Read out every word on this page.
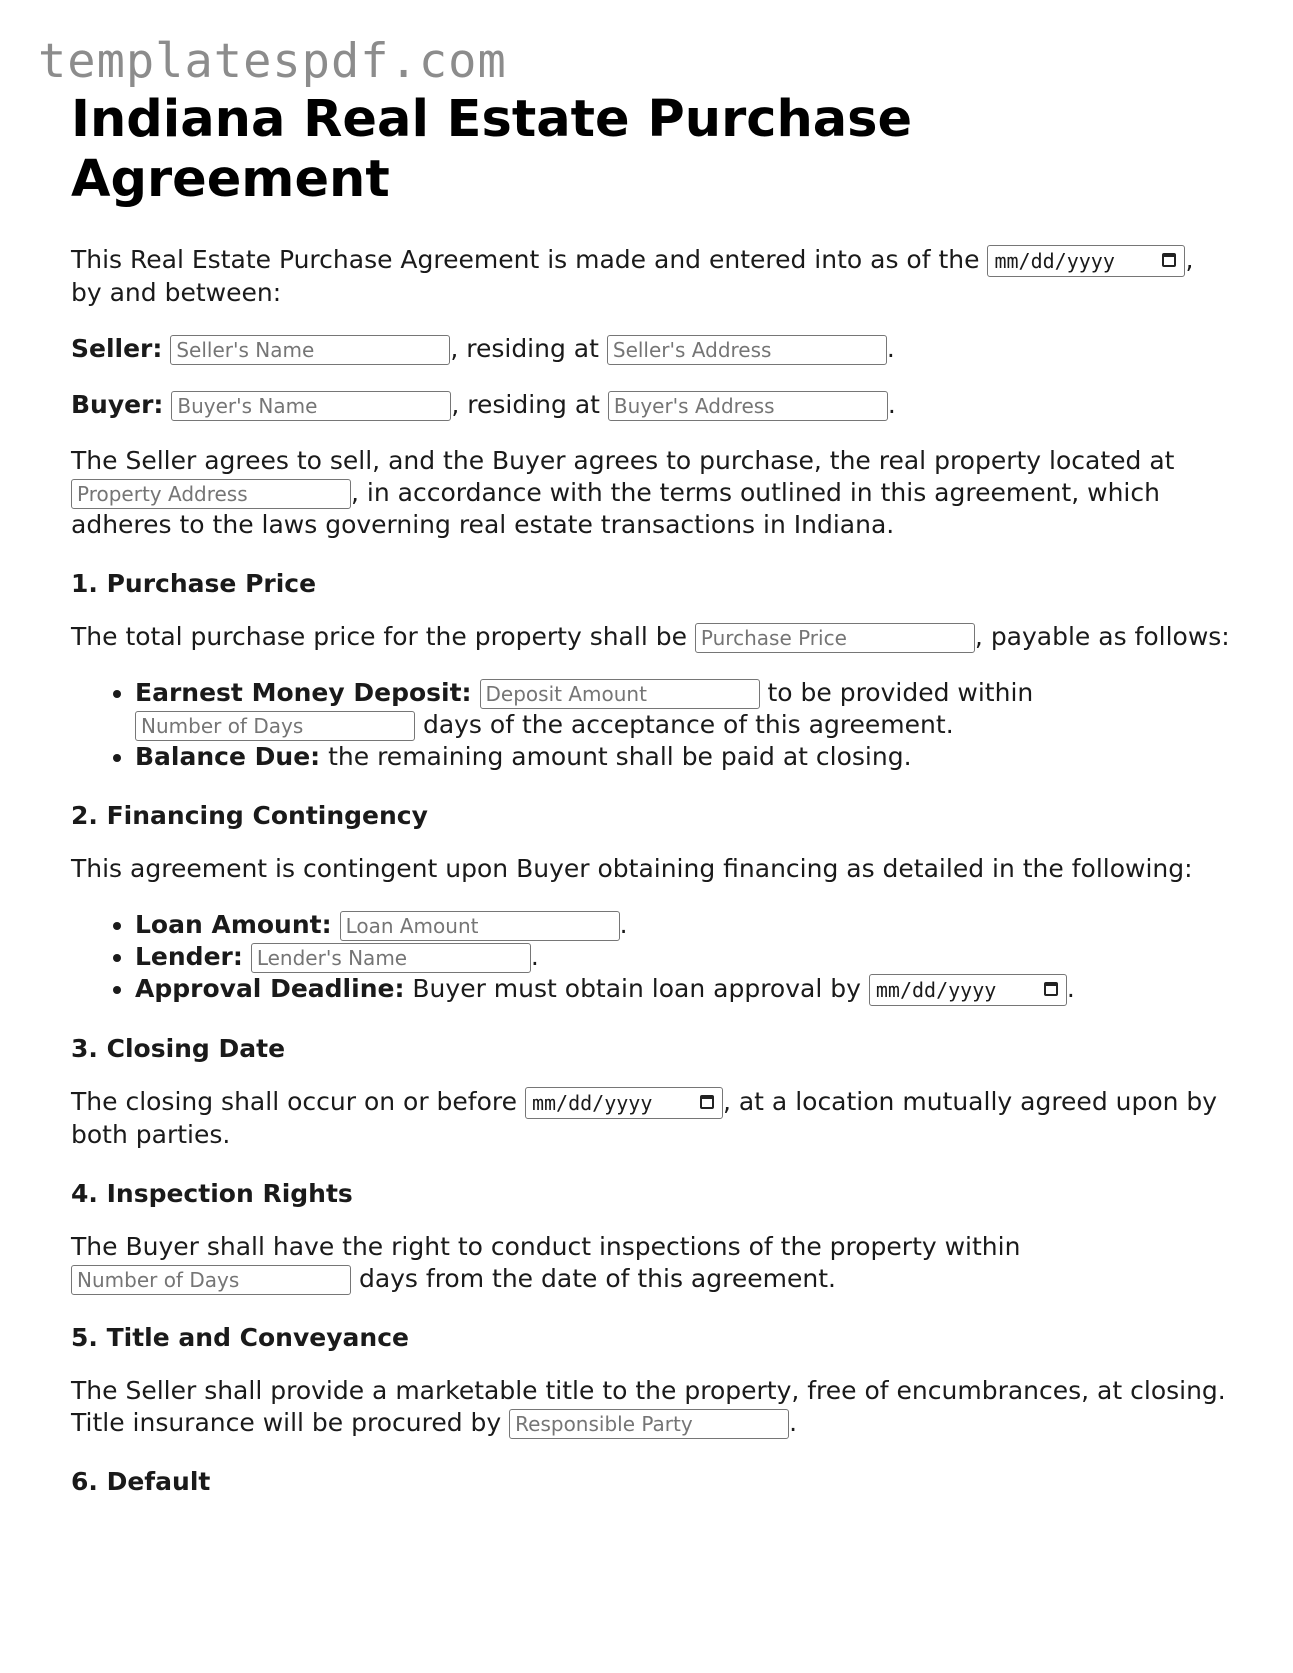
templatespdf.com
Indiana Real Estate Purchase Agreement

This Real Estate Purchase Agreement is made and entered into as of the mm/dd/yyyy	, by and between:

Seller: Seller's Name	, residing at Seller's Address	.

Buyer: Buyer's Name	, residing at Buyer's Address	.

The Seller agrees to sell, and the Buyer agrees to purchase, the real property located at Property Address, in accordance with the terms outlined in this agreement, which adheres to the laws governing real estate transactions in Indiana.

1. Purchase Price

The total purchase price for the property shall be Purchase Price	, payable as follows:

• Earnest Money Deposit: Deposit Amount	to be provided within Number of Days days of the acceptance of this agreement.
• Balance Due: the remaining amount shall be paid at closing.
2. Financing Contingency

This agreement is contingent upon Buyer obtaining financing as detailed in the following:

• Loan Amount: Loan Amount	.
• Lender: Lender's Name	.
• Approval Deadline: Buyer must obtain loan approval by mm/dd/yyyy	.
3. Closing Date

The closing shall occur on or before mm/dd/yyyy	, at a location mutually agreed upon by both parties.

4. Inspection Rights

The Buyer shall have the right to conduct inspections of the property within Number of Days days from the date of this agreement.

5. Title and Conveyance

The Seller shall provide a marketable title to the property, free of encumbrances, at closing. Title insurance will be procured by Responsible Party	.

6. Default
